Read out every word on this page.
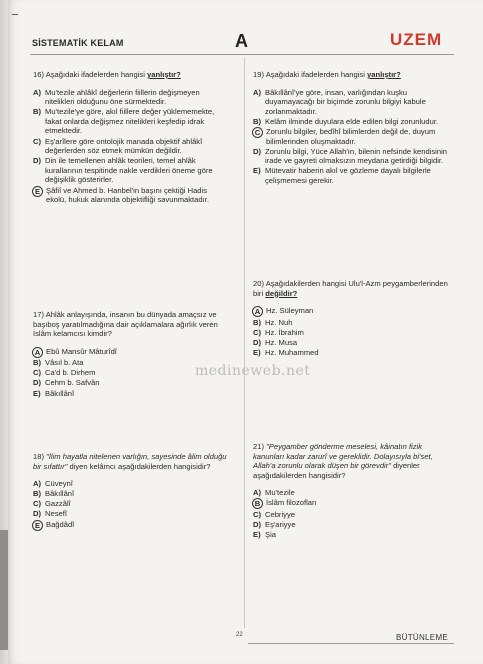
SİSTEMATİK KELAM	A	UZEM
16) Aşağıdaki ifadelerden hangisi yanlıştır?
A) Mu'tezile ahlâkî değerlerin fiillerin değişmeyen nitelikleri olduğunu öne sürmektedir.
B) Mu'tezile'ye göre, akıl fiillere değer yüklememekte, fakat onlarda değişmez nitelikleri keşfedip idrak etmektedir.
C) Eş'arîlere göre ontolojik manada objektif ahlâkî değerlerden söz etmek mümkün değildir.
D) Din ile temellenen ahlâk teorileri, temel ahlâk kurallarının tespitinde nakle verdikleri öneme göre değişiklik gösterirler.
E Şâfiî ve Ahmed b. Hanbel'in başını çektiği Hadis ekolü, hukuk alanında objektifliği savunmaktadır.
17) Ahlâk anlayışında, insanın bu dünyada amaçsız ve başıboş yaratılmadığına dair açıklamalara ağırlık veren İslâm kelamcısı kimdir?
A Ebû Mansûr Mâturîdî
B) Vâsıl b. Ata
C) Ca'd b. Dirhem
D) Cehm b. Safvân
E) Bâkıllânî
18) "İlim hayatla nitelenen varlığın, sayesinde âlim olduğu bir sıfattır" diyen kelâmcı aşağıdakilerden hangisidir?
A) Cüveynî
B) Bâkıllânî
C) Gazzâlî
D) Nesefî
E Bağdâdî
19) Aşağıdaki ifadelerden hangisi yanlıştır?
A) Bâkıllânî'ye göre, insan, varlığından kuşku duyamayacağı bir biçimde zorunlu bilgiyi kabule zorlanmaktadır.
B) Kelâm ilminde duyulara elde edilen bilgi zorunludur.
C Zorunlu bilgiler, bedîhî bilimlerden değil de, duyum bilimlerinden oluşmaktadır.
D) Zorunlu bilgi, Yüce Allah'ın, bilenin nefsinde kendisinin irade ve gayreti olmaksızın meydana getirdiği bilgidir.
E) Mütevatir haberin akıl ve gözleme dayalı bilgilerle çelişmemesi gerekir.
20) Aşağıdakilerden hangisi Ulu'l-Azm peygamberlerinden biri değildir?
A Hz. Süleyman
B) Hz. Nuh
C) Hz. İbrahim
D) Hz. Musa
E) Hz. Muhammed
21) "Peygamber gönderme meselesi, kâinatın fizik kanunları kadar zarurî ve gereklidir. Dolayısıyla bi'set, Allah'a zorunlu olarak düşen bir görevdir" diyenler aşağıdakilerden hangisidir?
A) Mu'tezile
B İslâm filozofları
C) Cebriyye
D) Eş'ariyye
E) Şia
medineweb.net
22	BÜTÜNLEME
